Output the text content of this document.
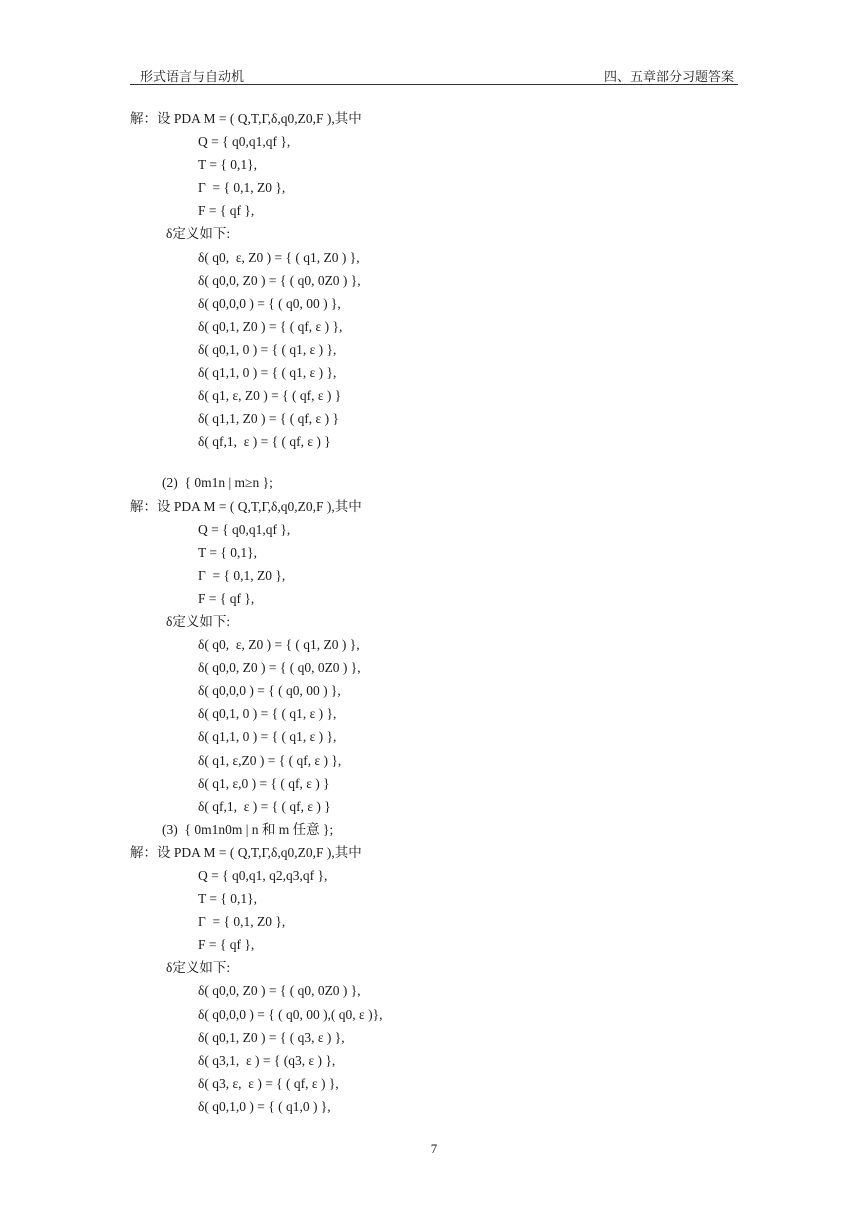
形式语言与自动机	四、五章部分习题答案
解：设 PDA M = ( Q,T,Γ,δ,q0,Z0,F ),其中
Q = { q0,q1,qf },
T = { 0,1},
Γ  = { 0,1, Z0 },
F = { qf },
δ定义如下:
δ( q0,  ε, Z0 ) = { ( q1, Z0 ) },
δ( q0,0, Z0 ) = { ( q0, 0Z0 ) },
δ( q0,0,0 ) = { ( q0, 00 ) },
δ( q0,1, Z0 ) = { ( qf, ε ) },
δ( q0,1, 0 ) = { ( q1, ε ) },
δ( q1,1, 0 ) = { ( q1, ε ) },
δ( q1, ε, Z0 ) = { ( qf, ε ) }
δ( q1,1, Z0 ) = { ( qf, ε ) }
δ( qf,1,  ε ) = { ( qf, ε ) }
(2)  { 0m1n | m≥n };
解：设 PDA M = ( Q,T,Γ,δ,q0,Z0,F ),其中
Q = { q0,q1,qf },
T = { 0,1},
Γ  = { 0,1, Z0 },
F = { qf },
δ定义如下:
δ( q0,  ε, Z0 ) = { ( q1, Z0 ) },
δ( q0,0, Z0 ) = { ( q0, 0Z0 ) },
δ( q0,0,0 ) = { ( q0, 00 ) },
δ( q0,1, 0 ) = { ( q1, ε ) },
δ( q1,1, 0 ) = { ( q1, ε ) },
δ( q1, ε,Z0 ) = { ( qf, ε ) },
δ( q1, ε,0 ) = { ( qf, ε ) }
δ( qf,1,  ε ) = { ( qf, ε ) }
(3)  { 0m1n0m | n 和 m 任意 };
解：设 PDA M = ( Q,T,Γ,δ,q0,Z0,F ),其中
Q = { q0,q1, q2,q3,qf },
T = { 0,1},
Γ  = { 0,1, Z0 },
F = { qf },
δ定义如下:
δ( q0,0, Z0 ) = { ( q0, 0Z0 ) },
δ( q0,0,0 ) = { ( q0, 00 ),( q0, ε )},
δ( q0,1, Z0 ) = { ( q3, ε ) },
δ( q3,1,  ε ) = { (q3, ε ) },
δ( q3, ε,  ε ) = { ( qf, ε ) },
δ( q0,1,0 ) = { ( q1,0 ) },
7
